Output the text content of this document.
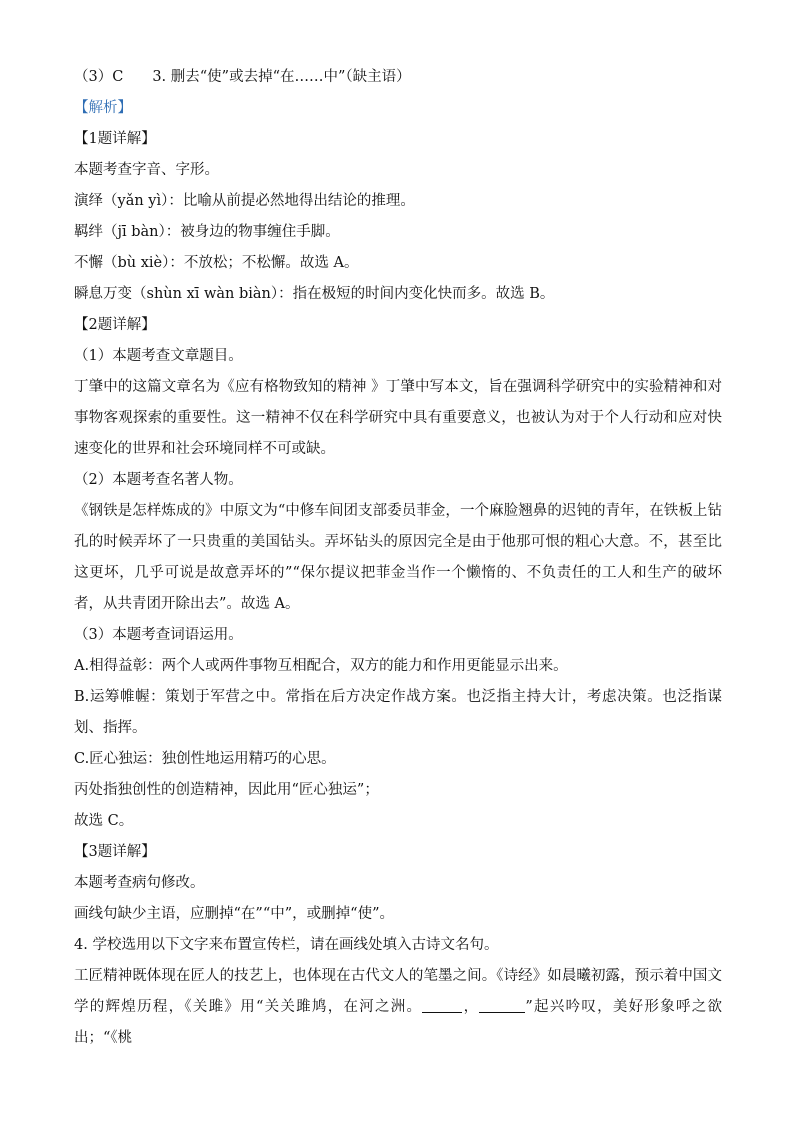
（3）C　　3. 删去“使”或去掉“在……中”（缺主语）
【解析】
【1题详解】
本题考查字音、字形。
演绎（yǎn yì）：比喻从前提必然地得出结论的推理。
羁绊（jī bàn）：被身边的物事缠住手脚。
不懈（bù xiè）：不放松；不松懈。故选 A。
瞬息万变（shùn xī wàn biàn）：指在极短的时间内变化快而多。故选 B。
【2题详解】
（1）本题考查文章题目。
丁肇中的这篇文章名为《应有格物致知的精神 》丁肇中写本文，旨在强调科学研究中的实验精神和对事物客观探索的重要性。这一精神不仅在科学研究中具有重要意义，也被认为对于个人行动和应对快速变化的世界和社会环境同样不可或缺。
（2）本题考查名著人物。
《钢铁是怎样炼成的》中原文为“中修车间团支部委员菲金，一个麻脸翘鼻的迟钝的青年，在铁板上钻孔的时候弄坏了一只贵重的美国钻头。弄坏钻头的原因完全是由于他那可恨的粗心大意。不，甚至比这更坏，几乎可说是故意弄坏的”“保尔提议把菲金当作一个懒惰的、不负责任的工人和生产的破坏者，从共青团开除出去”。故选 A。
（3）本题考查词语运用。
A.相得益彰：两个人或两件事物互相配合，双方的能力和作用更能显示出来。
B.运筹帷幄：策划于军营之中。常指在后方决定作战方案。也泛指主持大计，考虑决策。也泛指谋划、指挥。
C.匠心独运：独创性地运用精巧的心思。
丙处指独创性的创造精神，因此用“匠心独运”；
故选 C。
【3题详解】
本题考查病句修改。
画线句缺少主语，应删掉“在”“中”，或删掉“使”。
4. 学校选用以下文字来布置宣传栏，请在画线处填入古诗文名句。
工匠精神既体现在匠人的技艺上，也体现在古代文人的笔墨之间。《诗经》如晨曦初露，预示着中国文学的辉煌历程，《关雎》用“关关雎鸠，在河之洲。	，	”起兴吟叹，美好形象呼之欲出；“《桃
